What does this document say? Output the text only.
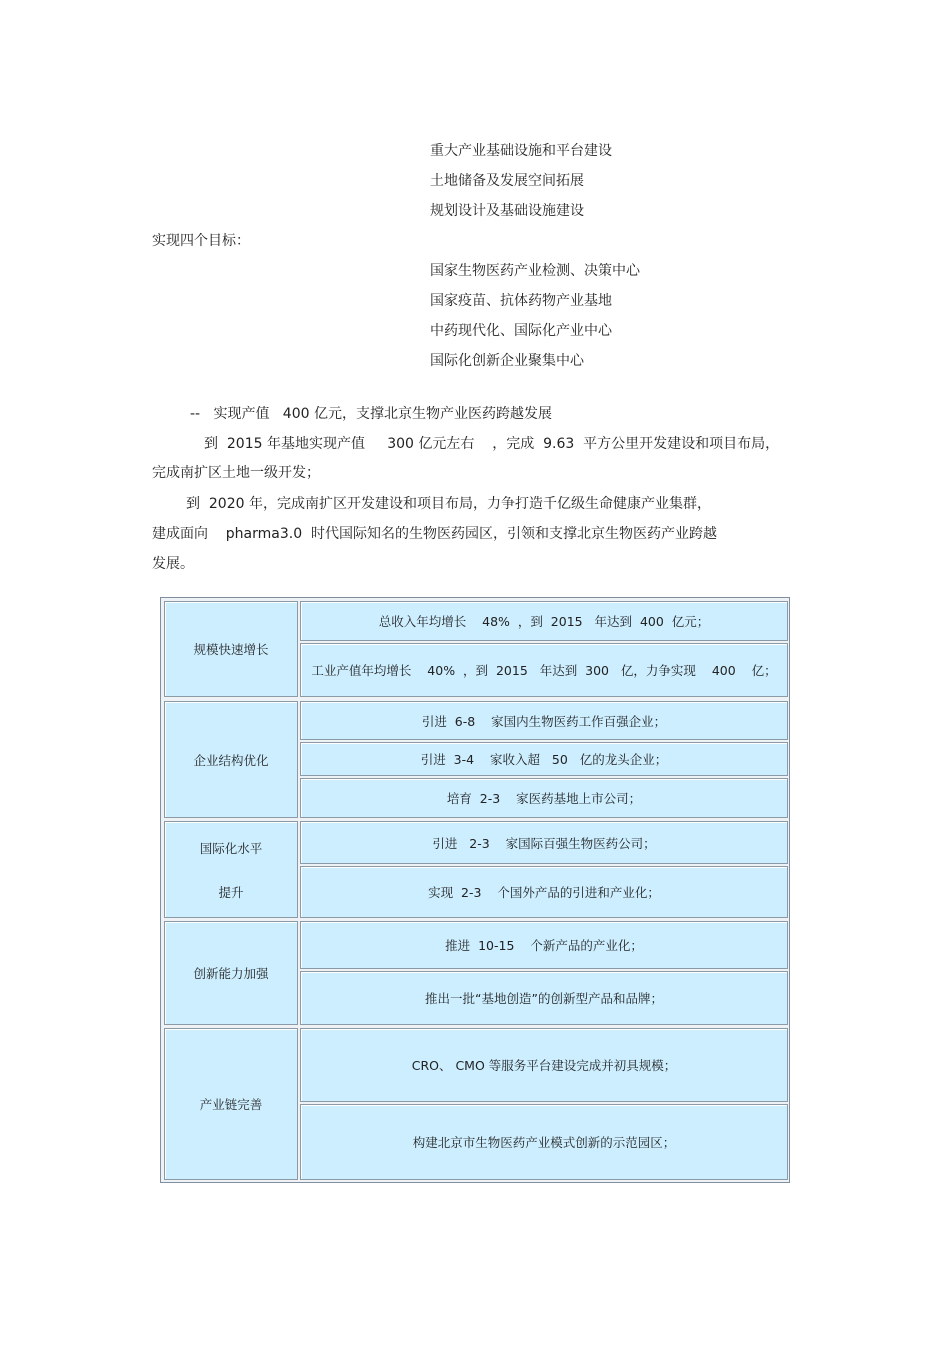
重大产业基础设施和平台建设
土地储备及发展空间拓展
规划设计及基础设施建设
实现四个目标：
国家生物医药产业检测、决策中心
国家疫苗、抗体药物产业基地
中药现代化、国际化产业中心
国际化创新企业聚集中心
--   实现产值   400 亿元，支撑北京生物产业医药跨越发展
到  2015 年基地实现产值     300 亿元左右    ，完成  9.63  平方公里开发建设和项目布局，
完成南扩区土地一级开发；
到  2020 年，完成南扩区开发建设和项目布局，力争打造千亿级生命健康产业集群，
建成面向    pharma3.0  时代国际知名的生物医药园区，引领和支撑北京生物医药产业跨越
发展。
规模快速增长
总收入年均增长    48%  ，到  2015   年达到  400  亿元；
工业产值年均增长    40%  ，到  2015   年达到  300   亿，力争实现    400    亿；
企业结构优化
引进  6-8    家国内生物医药工作百强企业；
引进  3-4    家收入超   50   亿的龙头企业；
培育  2-3    家医药基地上市公司；
国际化水平
提升
引进   2-3    家国际百强生物医药公司；
实现  2-3    个国外产品的引进和产业化；
创新能力加强
推进  10-15    个新产品的产业化；
推出一批“基地创造”的创新型产品和品牌；
产业链完善
CRO、 CMO 等服务平台建设完成并初具规模；
构建北京市生物医药产业模式创新的示范园区；
